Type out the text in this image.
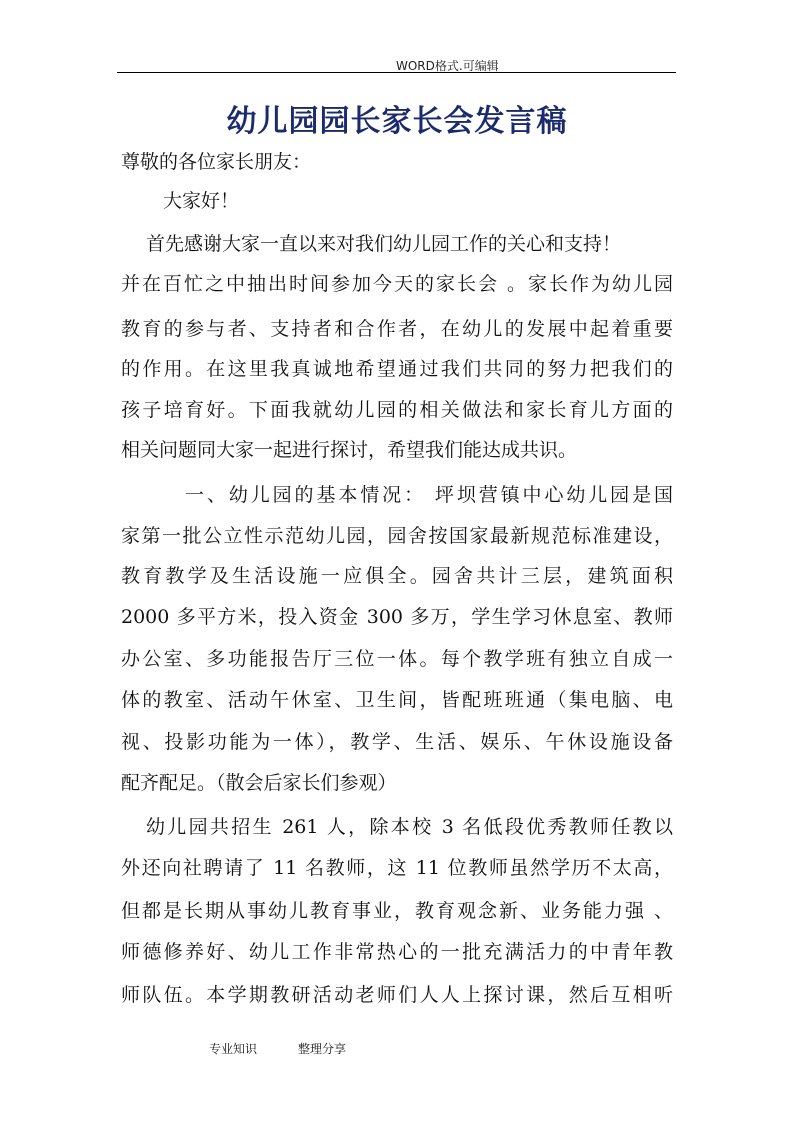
WORD格式.可编辑
幼儿园园长家长会发言稿
尊敬的各位家长朋友：
大家好！
首先感谢大家一直以来对我们幼儿园工作的关心和支持！
并在百忙之中抽出时间参加今天的家长会 。家长作为幼儿园
教育的参与者、支持者和合作者，在幼儿的发展中起着重要
的作用。在这里我真诚地希望通过我们共同的努力把我们的
孩子培育好。下面我就幼儿园的相关做法和家长育儿方面的
相关问题同大家一起进行探讨，希望我们能达成共识。
一、幼儿园的基本情况： 坪坝营镇中心幼儿园是国
家第一批公立性示范幼儿园，园舍按国家最新规范标准建设，
教育教学及生活设施一应俱全。园舍共计三层，建筑面积
2000 多平方米，投入资金 300 多万，学生学习休息室、教师
办公室、多功能报告厅三位一体。每个教学班有独立自成一
体的教室、活动午休室、卫生间，皆配班班通（集电脑、电
视、投影功能为一体），教学、生活、娱乐、午休设施设备
配齐配足。（散会后家长们参观）
幼儿园共招生 261 人，除本校 3 名低段优秀教师任教以
外还向社聘请了 11 名教师，这 11 位教师虽然学历不太高，
但都是长期从事幼儿教育事业，教育观念新、业务能力强 、
师德修养好、幼儿工作非常热心的一批充满活力的中青年教
师队伍。本学期教研活动老师们人人上探讨课，然后互相听
专业知识	整理分享
